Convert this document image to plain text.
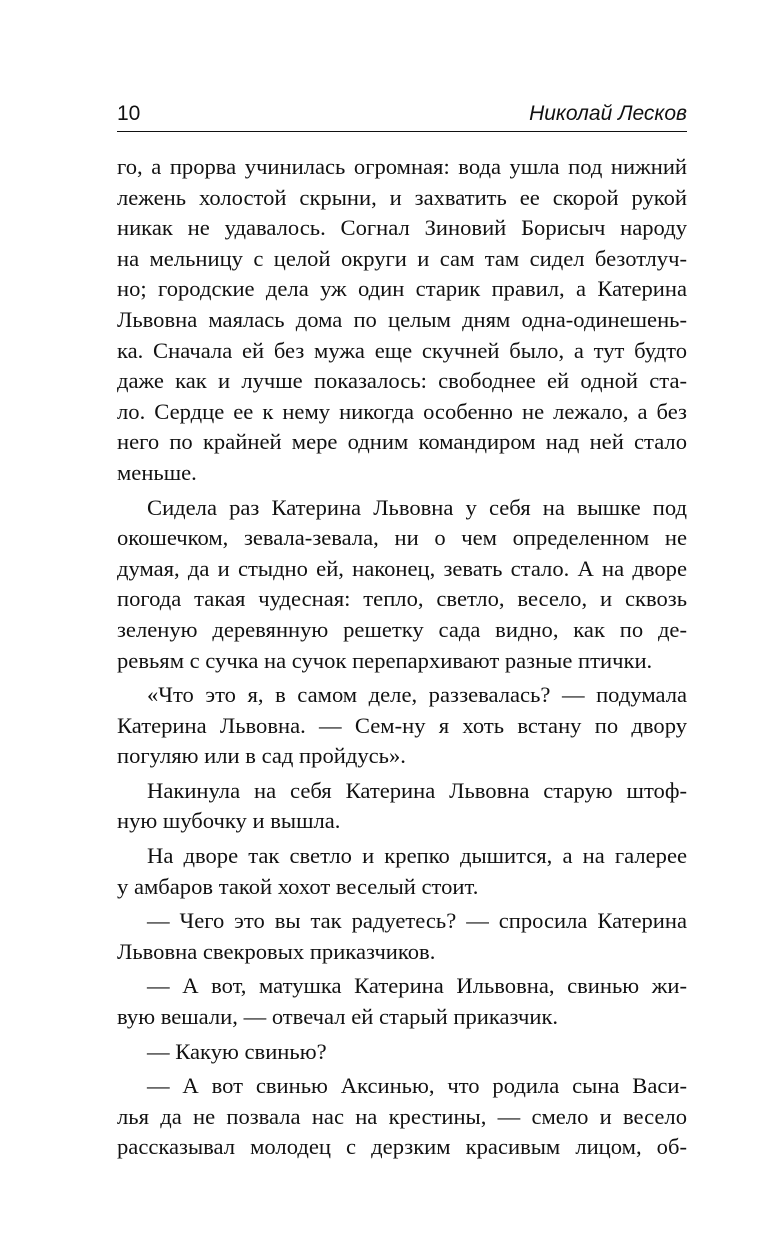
10	Николай Лесков
го, а прорва учинилась огромная: вода ушла под нижний
лежень холостой скрыни, и захватить ее скорой рукой
никак не удавалось. Согнал Зиновий Борисыч народу
на мельницу с целой округи и сам там сидел безотлуч-
но; городские дела уж один старик правил, а Катерина
Львовна маялась дома по целым дням одна-одинешень-
ка. Сначала ей без мужа еще скучней было, а тут будто
даже как и лучше показалось: свободнее ей одной ста-
ло. Сердце ее к нему никогда особенно не лежало, а без
него по крайней мере одним командиром над ней стало
меньше.
Сидела раз Катерина Львовна у себя на вышке под
окошечком, зевала-зевала, ни о чем определенном не
думая, да и стыдно ей, наконец, зевать стало. А на дворе
погода такая чудесная: тепло, светло, весело, и сквозь
зеленую деревянную решетку сада видно, как по де-
ревьям с сучка на сучок перепархивают разные птички.
«Что это я, в самом деле, раззевалась? — подумала
Катерина Львовна. — Сем-ну я хоть встану по двору
погуляю или в сад пройдусь».
Накинула на себя Катерина Львовна старую штоф-
ную шубочку и вышла.
На дворе так светло и крепко дышится, а на галерее
у амбаров такой хохот веселый стоит.
— Чего это вы так радуетесь? — спросила Катерина
Львовна свекровых приказчиков.
— А вот, матушка Катерина Ильвовна, свинью жи-
вую вешали, — отвечал ей старый приказчик.
— Какую свинью?
— А вот свинью Аксинью, что родила сына Васи-
лья да не позвала нас на крестины, — смело и весело
рассказывал молодец с дерзким красивым лицом, об-
